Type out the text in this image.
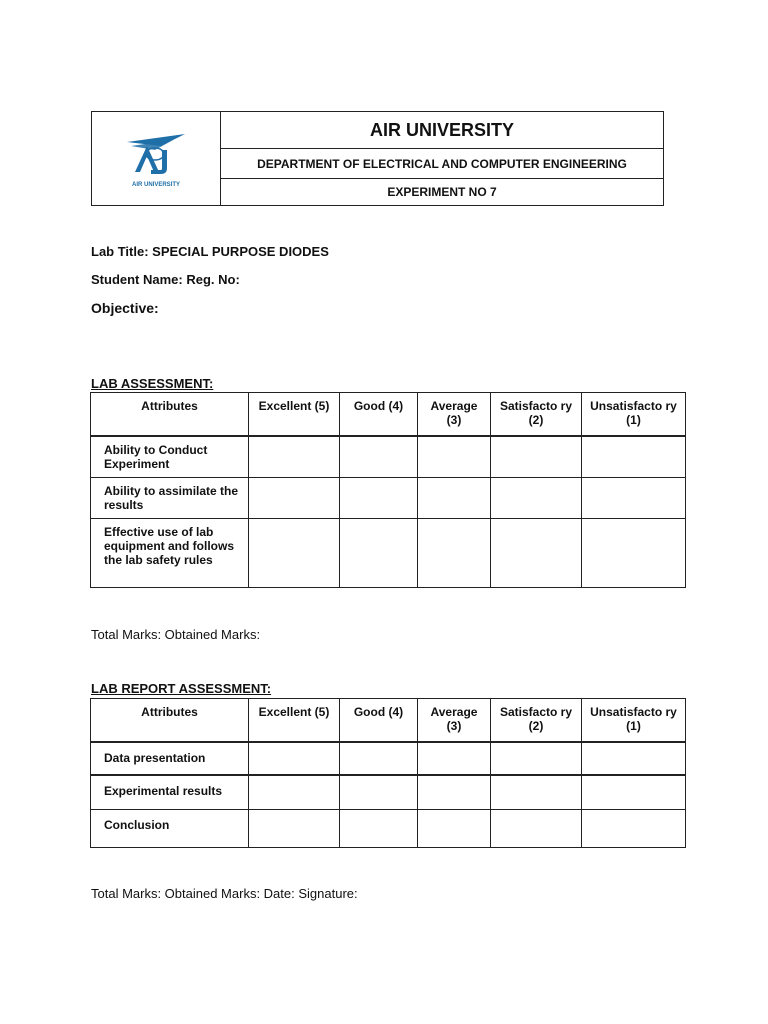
AIR UNIVERSITY
AIR UNIVERSITY
DEPARTMENT OF ELECTRICAL AND COMPUTER ENGINEERING
EXPERIMENT NO 7
Lab Title: SPECIAL PURPOSE DIODES
Student Name: Reg. No:
Objective:
LAB ASSESSMENT:
Attributes	Excellent (5)	Good (4)	Average (3)	Satisfacto ry (2)	Unsatisfacto ry (1)
Ability to Conduct Experiment					
Ability to assimilate the results					
Effective use of lab equipment and follows the lab safety rules					
Total Marks: Obtained Marks:
LAB REPORT ASSESSMENT:
Attributes	Excellent (5)	Good (4)	Average (3)	Satisfacto ry (2)	Unsatisfacto ry (1)
Data presentation					
Experimental results					
Conclusion					
Total Marks: Obtained Marks: Date: Signature:
